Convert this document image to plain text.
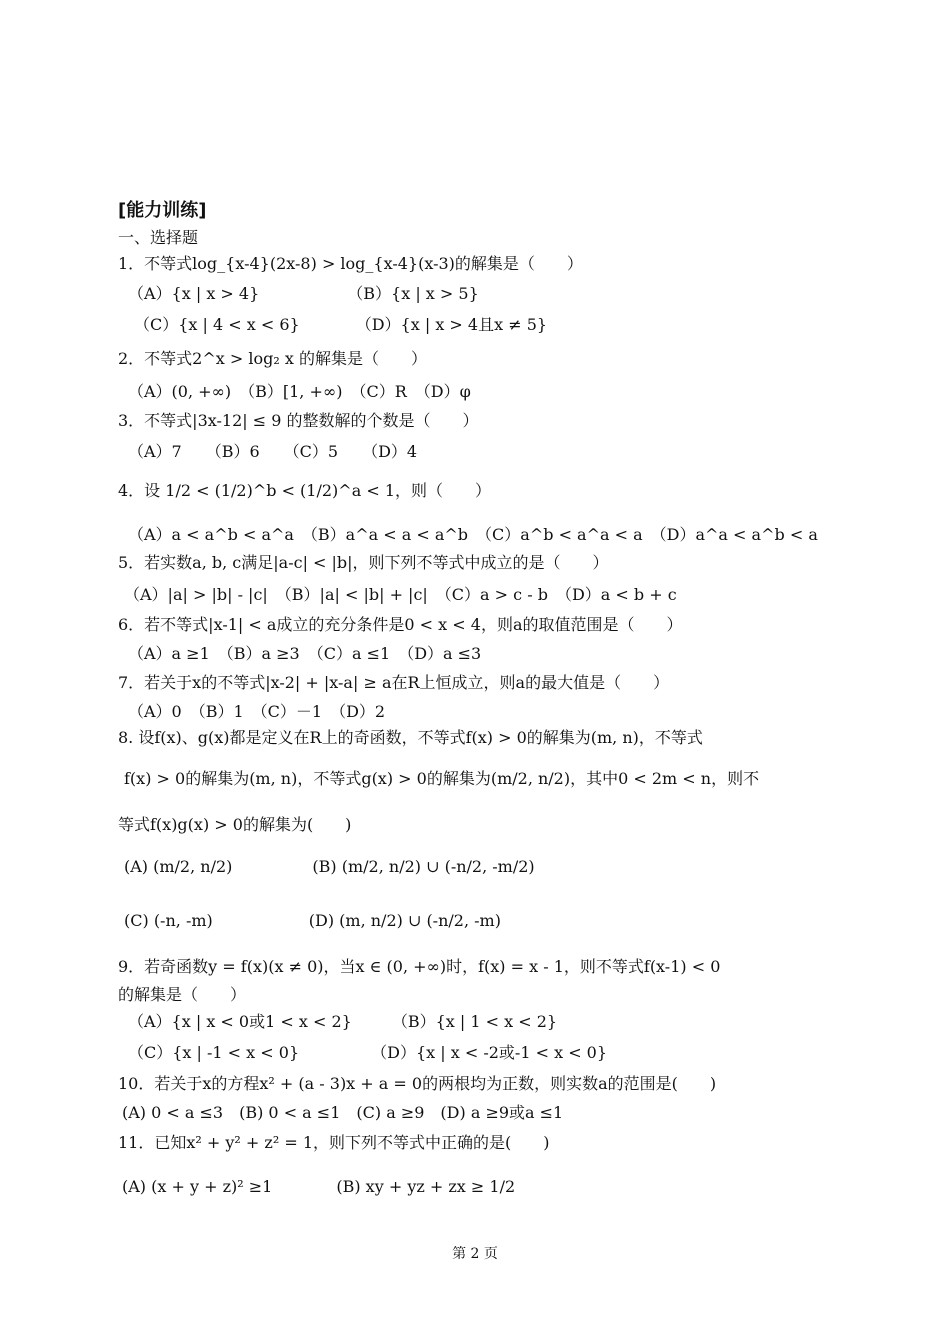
[能力训练]
一、选择题
1．不等式log_{x-4}(2x-8) > log_{x-4}(x-3)的解集是（　　）
（A）{x | x > 4}　　　　　　（B）{x | x > 5}
（C）{x | 4 < x < 6}　　　　（D）{x | x > 4且x ≠ 5}
2．不等式2^x > log₂ x 的解集是（　　）
（A）(0, +∞)　（B）[1, +∞)　（C）R　（D）φ
3．不等式|3x-12| ≤ 9 的整数解的个数是（　　）
（A）7　　（B）6　　（C）5　　（D）4
4．设 1/2 < (1/2)^b < (1/2)^a < 1，则（　　）
（A）a < a^b < a^a　（B）a^a < a < a^b　（C）a^b < a^a < a　（D）a^a < a^b < a
5．若实数a, b, c满足|a-c| < |b|，则下列不等式中成立的是（　　）
（A）|a| > |b| - |c|　（B）|a| < |b| + |c|　（C）a > c - b　（D）a < b + c
6．若不等式|x-1| < a成立的充分条件是0 < x < 4，则a的取值范围是（　　）
（A）a ≥1　（B）a ≥3　（C）a ≤1　（D）a ≤3
7．若关于x的不等式|x-2| + |x-a| ≥ a在R上恒成立，则a的最大值是（　　）
（A）0　（B）1　（C）－1　（D）2
8. 设f(x)、g(x)都是定义在R上的奇函数，不等式f(x) > 0的解集为(m, n)，不等式
f(x) > 0的解集为(m, n)，不等式g(x) > 0的解集为(m/2, n/2)，其中0 < 2m < n，则不
等式f(x)g(x) > 0的解集为(　　)
(A) (m/2, n/2)　　　　　(B) (m/2, n/2) ∪ (-n/2, -m/2)
(C) (-n, -m)　　　　　　(D) (m, n/2) ∪ (-n/2, -m)
9．若奇函数y = f(x)(x ≠ 0)，当x ∈ (0, +∞)时，f(x) = x - 1，则不等式f(x-1) < 0
的解集是（　　）
（A）{x | x < 0或1 < x < 2}　　　（B）{x | 1 < x < 2}
（C）{x | -1 < x < 0}　　　　　（D）{x | x < -2或-1 < x < 0}
10．若关于x的方程x² + (a - 3)x + a = 0的两根均为正数，则实数a的范围是(　　)
(A) 0 < a ≤3　(B) 0 < a ≤1　(C) a ≥9　(D) a ≥9或a ≤1
11．已知x² + y² + z² = 1，则下列不等式中正确的是(　　)
(A) (x + y + z)² ≥1　　　　(B) xy + yz + zx ≥ 1/2
第 2 页
